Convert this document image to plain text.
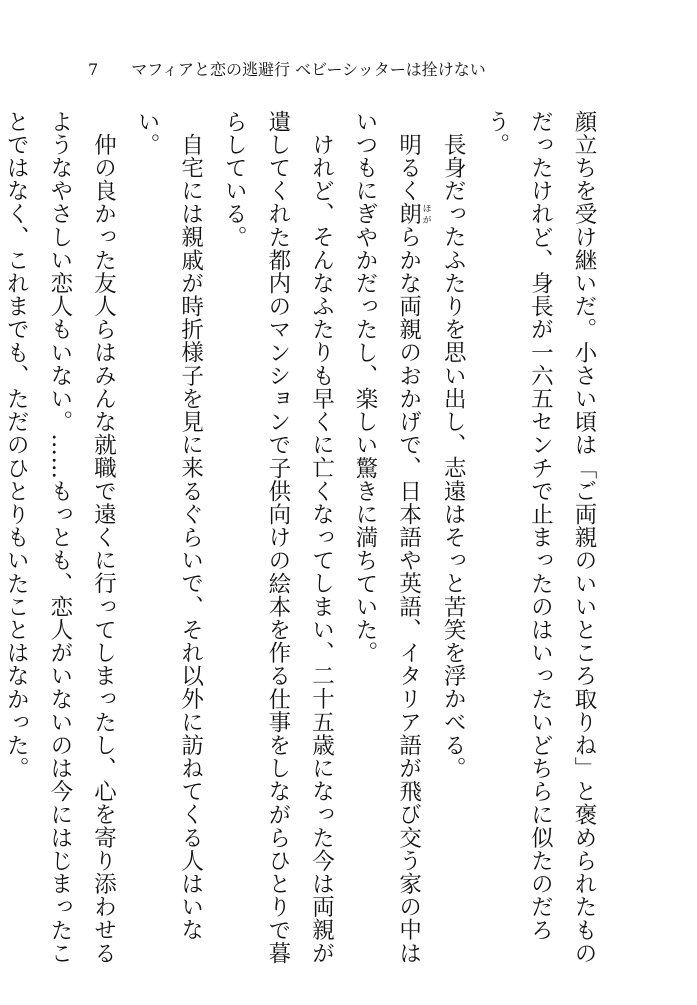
7 マフィアと恋の逃避行 ベビーシッターは拴けない

顔立ちを受け継いだ。小さい頃は「ご両親のいいところ取りね」と褒められたものだったけれど、身長が一六五センチで止まったのはいったいどちらに似たのだろう。

長身だったふたりを思い出し、志遠はそっと苦笑を浮かべる。

明るく朗 ほがらかな両親のおかげで、日本語や英語、イタリア語が飛び交う家の中はいつもにぎやかだったし、楽しい驚きに満ちていた。

けれど、そんなふたりも早くに亡くなってしまい、二十五歳になった今は両親が遺してくれた都内のマンションで子供向けの絵本を作る仕事をしながらひとりで暮らしている。

自宅には親戚が時折様子を見に来るぐらいで、それ以外に訪ねてくる人はいない。

仲の良かった友人らはみんな就職で遠くに行ってしまったし、心を寄り添わせるようなやさしい恋人もいない。……もっとも、恋人がいないのは今にはじまったことではなく、これまでも、ただのひとりもいたことはなかった。
